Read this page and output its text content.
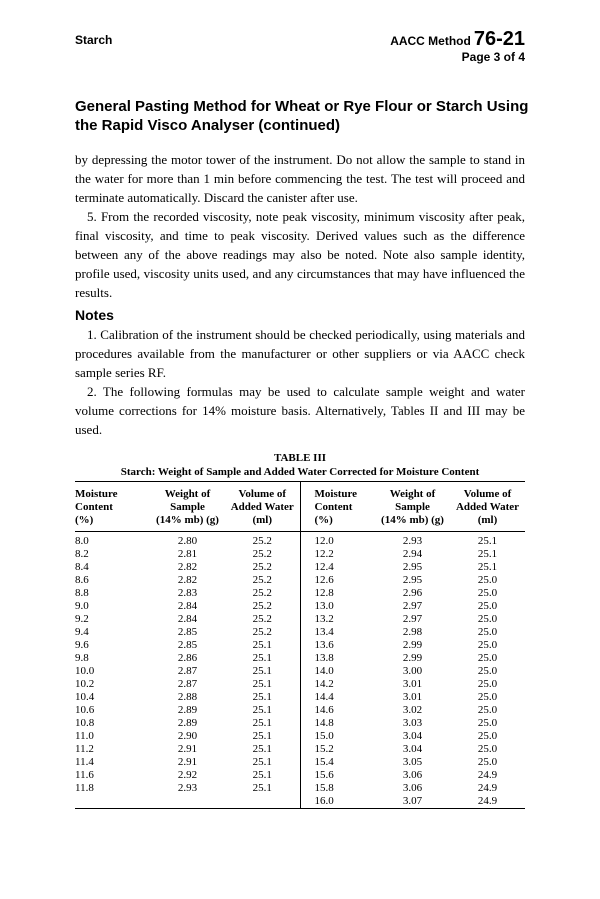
Starch	AACC Method 76-21
Page 3 of 4
General Pasting Method for Wheat or Rye Flour or Starch Using the Rapid Visco Analyser (continued)

by depressing the motor tower of the instrument. Do not allow the sample to stand in the water for more than 1 min before commencing the test. The test will proceed and terminate automatically. Discard the canister after use.

5. From the recorded viscosity, note peak viscosity, minimum viscosity after peak, final viscosity, and time to peak viscosity. Derived values such as the difference between any of the above readings may also be noted. Note also sample identity, profile used, viscosity units used, and any circumstances that may have influenced the results.

Notes

1. Calibration of the instrument should be checked periodically, using materials and procedures available from the manufacturer or other suppliers or via AACC check sample series RF.

2. The following formulas may be used to calculate sample weight and water volume corrections for 14% moisture basis. Alternatively, Tables II and III may be used.

TABLE III
Starch: Weight of Sample and Added Water Corrected for Moisture Content
Moisture
Content
(%)	Weight of
Sample
(14% mb) (g)	Volume of
Added Water
(ml)	Moisture
Content
(%)	Weight of
Sample
(14% mb) (g)	Volume of
Added Water
(ml)
8.0	2.80	25.2	12.0	2.93	25.1
8.2	2.81	25.2	12.2	2.94	25.1
8.4	2.82	25.2	12.4	2.95	25.1
8.6	2.82	25.2	12.6	2.95	25.0
8.8	2.83	25.2	12.8	2.96	25.0
9.0	2.84	25.2	13.0	2.97	25.0
9.2	2.84	25.2	13.2	2.97	25.0
9.4	2.85	25.2	13.4	2.98	25.0
9.6	2.85	25.1	13.6	2.99	25.0
9.8	2.86	25.1	13.8	2.99	25.0
10.0	2.87	25.1	14.0	3.00	25.0
10.2	2.87	25.1	14.2	3.01	25.0
10.4	2.88	25.1	14.4	3.01	25.0
10.6	2.89	25.1	14.6	3.02	25.0
10.8	2.89	25.1	14.8	3.03	25.0
11.0	2.90	25.1	15.0	3.04	25.0
11.2	2.91	25.1	15.2	3.04	25.0
11.4	2.91	25.1	15.4	3.05	25.0
11.6	2.92	25.1	15.6	3.06	24.9
11.8	2.93	25.1	15.8	3.06	24.9
			16.0	3.07	24.9
